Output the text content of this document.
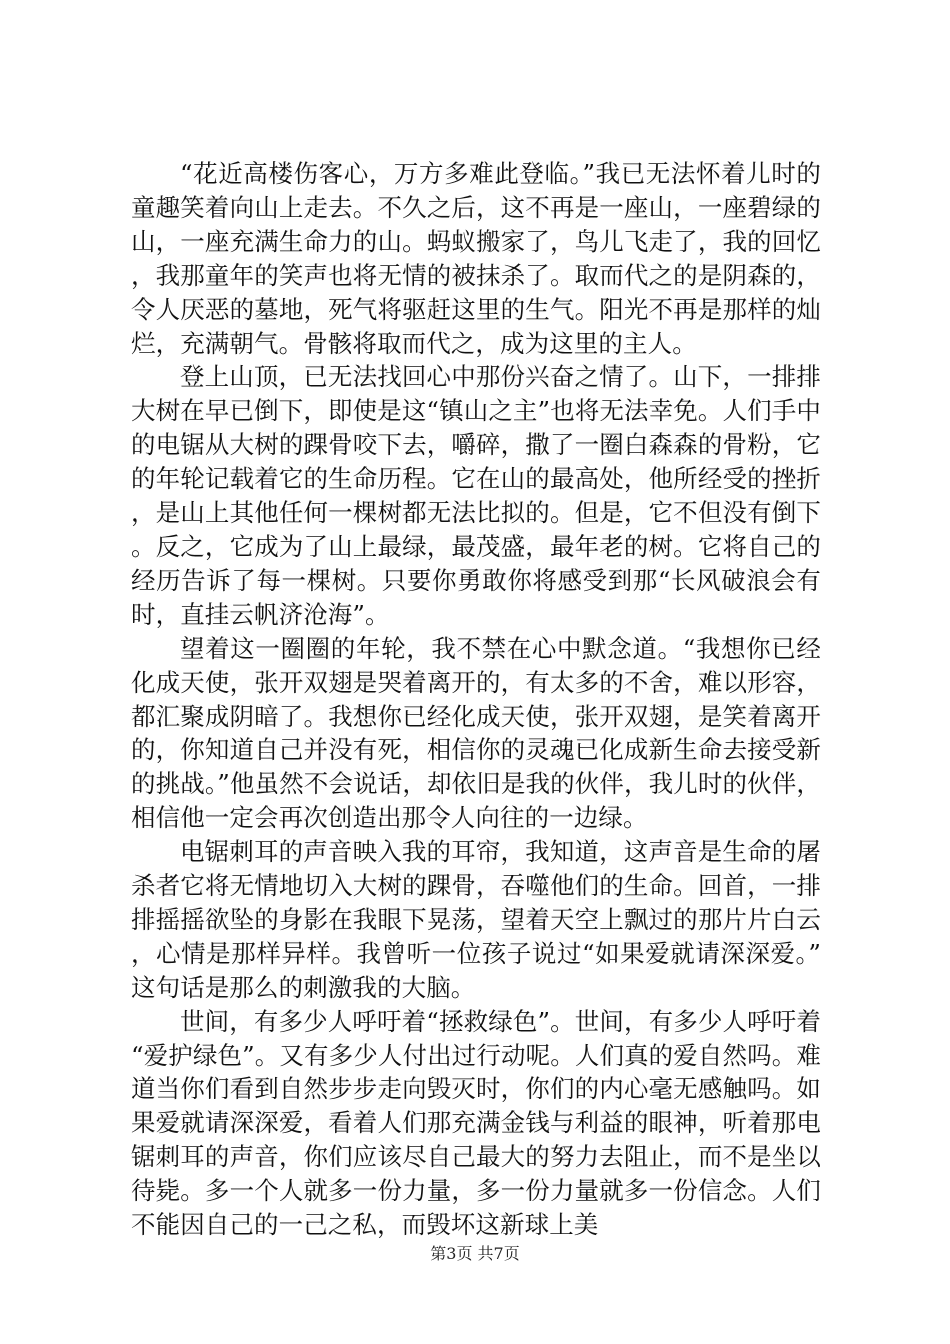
“花近高楼伤客心，万方多难此登临。”我已无法怀着儿时的童趣笑着向山上走去。不久之后，这不再是一座山，一座碧绿的山，一座充满生命力的山。蚂蚁搬家了，鸟儿飞走了，我的回忆，我那童年的笑声也将无情的被抹杀了。取而代之的是阴森的，令人厌恶的墓地，死气将驱赶这里的生气。阳光不再是那样的灿烂，充满朝气。骨骸将取而代之，成为这里的主人。

登上山顶，已无法找回心中那份兴奋之情了。山下，一排排大树在早已倒下，即使是这“镇山之主”也将无法幸免。人们手中的电锯从大树的踝骨咬下去，嚼碎，撒了一圈白森森的骨粉，它的年轮记载着它的生命历程。它在山的最高处，他所经受的挫折，是山上其他任何一棵树都无法比拟的。但是，它不但没有倒下。反之，它成为了山上最绿，最茂盛，最年老的树。它将自己的经历告诉了每一棵树。只要你勇敢你将感受到那“长风破浪会有时，直挂云帆济沧海”。

望着这一圈圈的年轮，我不禁在心中默念道。“我想你已经化成天使，张开双翅是哭着离开的，有太多的不舍，难以形容，都汇聚成阴暗了。我想你已经化成天使，张开双翅，是笑着离开的，你知道自己并没有死，相信你的灵魂已化成新生命去接受新的挑战。”他虽然不会说话，却依旧是我的伙伴，我儿时的伙伴，相信他一定会再次创造出那令人向往的一边绿。

电锯刺耳的声音映入我的耳帘，我知道，这声音是生命的屠杀者它将无情地切入大树的踝骨，吞噬他们的生命。回首，一排排摇摇欲坠的身影在我眼下晃荡，望着天空上飘过的那片片白云，心情是那样异样。我曾听一位孩子说过“如果爱就请深深爱。”这句话是那么的刺激我的大脑。

世间，有多少人呼吁着“拯救绿色”。世间，有多少人呼吁着“爱护绿色”。又有多少人付出过行动呢。人们真的爱自然吗。难道当你们看到自然步步走向毁灭时，你们的内心毫无感触吗。如果爱就请深深爱，看着人们那充满金钱与利益的眼神，听着那电锯刺耳的声音，你们应该尽自己最大的努力去阻止，而不是坐以待毙。多一个人就多一份力量，多一份力量就多一份信念。人们不能因自己的一己之私，而毁坏这新球上美

第3页 共7页
